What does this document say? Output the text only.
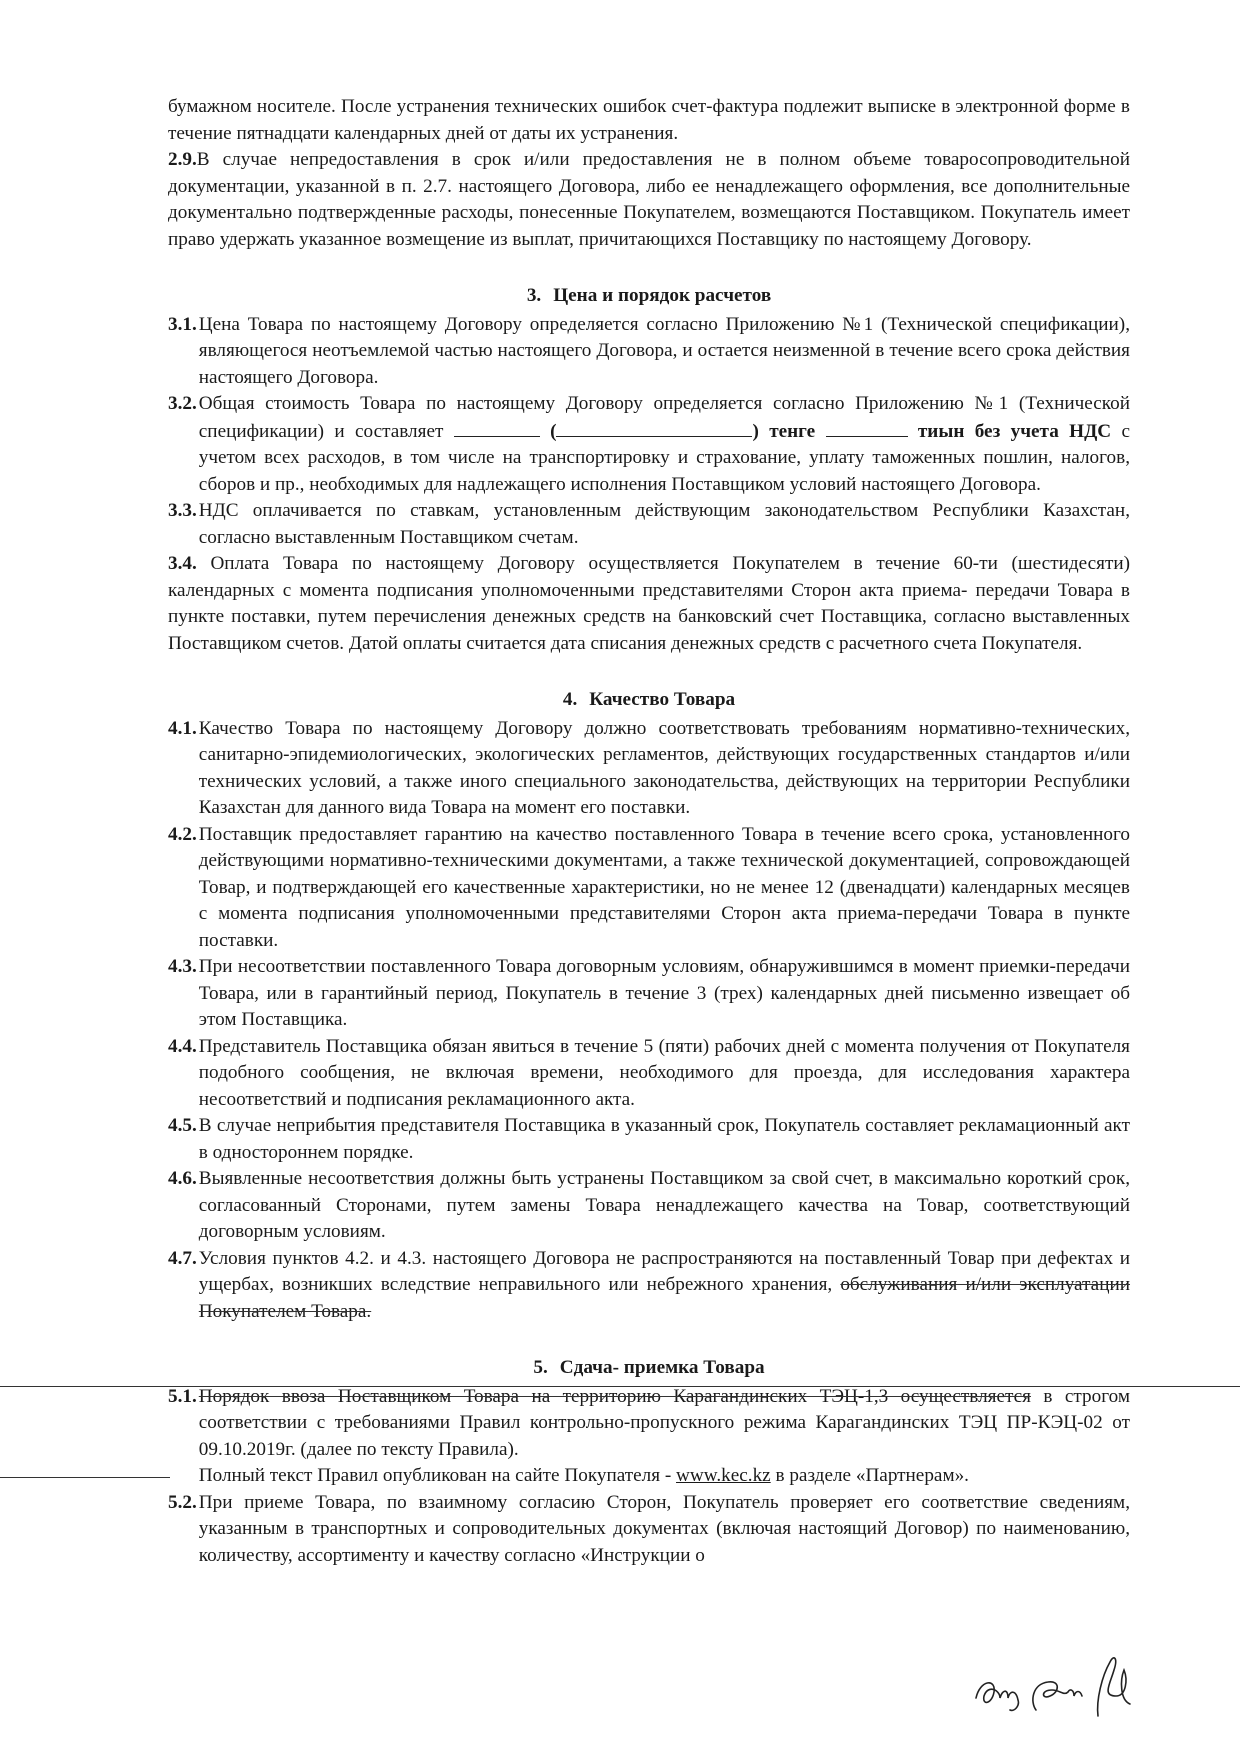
бумажном носителе. После устранения технических ошибок счет-фактура подлежит выписке в электронной форме в течение пятнадцати календарных дней от даты их устранения.

2.9.В случае непредоставления в срок и/или предоставления не в полном объеме товаросопроводительной документации, указанной в п. 2.7. настоящего Договора, либо ее ненадлежащего оформления, все дополнительные документально подтвержденные расходы, понесенные Покупателем, возмещаются Поставщиком. Покупатель имеет право удержать указанное возмещение из выплат, причитающихся Поставщику по настоящему Договору.

3. Цена и порядок расчетов
3.1. Цена Товара по настоящему Договору определяется согласно Приложению №1 (Технической спецификации), являющегося неотъемлемой частью настоящего Договора, и остается неизменной в течение всего срока действия настоящего Договора.
3.2. Общая стоимость Товара по настоящему Договору определяется согласно Приложению №1 (Технической спецификации) и составляет	(	) тенге	тиын без учета НДС с учетом всех расходов, в том числе на транспортировку и страхование, уплату таможенных пошлин, налогов, сборов и пр., необходимых для надлежащего исполнения Поставщиком условий настоящего Договора.
3.3. НДС оплачивается по ставкам, установленным действующим законодательством Республики Казахстан, согласно выставленным Поставщиком счетам.

3.4. Оплата Товара по настоящему Договору осуществляется Покупателем в течение 60-ти (шестидесяти) календарных с момента подписания уполномоченными представителями Сторон акта приема- передачи Товара в пункте поставки, путем перечисления денежных средств на банковский счет Поставщика, согласно выставленных Поставщиком счетов. Датой оплаты считается дата списания денежных средств с расчетного счета Покупателя.

4. Качество Товара
4.1. Качество Товара по настоящему Договору должно соответствовать требованиям нормативно-технических, санитарно-эпидемиологических, экологических регламентов, действующих государственных стандартов и/или технических условий, а также иного специального законодательства, действующих на территории Республики Казахстан для данного вида Товара на момент его поставки.
4.2. Поставщик предоставляет гарантию на качество поставленного Товара в течение всего срока, установленного действующими нормативно-техническими документами, а также технической документацией, сопровождающей Товар, и подтверждающей его качественные характеристики, но не менее 12 (двенадцати) календарных месяцев с момента подписания уполномоченными представителями Сторон акта приема-передачи Товара в пункте поставки.
4.3. При несоответствии поставленного Товара договорным условиям, обнаружившимся в момент приемки-передачи Товара, или в гарантийный период, Покупатель в течение 3 (трех) календарных дней письменно извещает об этом Поставщика.
4.4. Представитель Поставщика обязан явиться в течение 5 (пяти) рабочих дней с момента получения от Покупателя подобного сообщения, не включая времени, необходимого для проезда, для исследования характера несоответствий и подписания рекламационного акта.
4.5. В случае неприбытия представителя Поставщика в указанный срок, Покупатель составляет рекламационный акт в одностороннем порядке.
4.6. Выявленные несоответствия должны быть устранены Поставщиком за свой счет, в максимально короткий срок, согласованный Сторонами, путем замены Товара ненадлежащего качества на Товар, соответствующий договорным условиям.
4.7. Условия пунктов 4.2. и 4.3. настоящего Договора не распространяются на поставленный Товар при дефектах и ущербах, возникших вследствие неправильного или небрежного хранения, обслуживания и/или эксплуатации Покупателем Товара.
5. Сдача- приемка Товара
5.1. Порядок ввоза Поставщиком Товара на территорию Карагандинских ТЭЦ-1,3 осуществляется в строгом соответствии с требованиями Правил контрольно-пропускного режима Карагандинских ТЭЦ ПР-КЭЦ-02 от 09.10.2019г. (далее по тексту Правила).
Полный текст Правил опубликован на сайте Покупателя - www.kec.kz в разделе «Партнерам».
5.2. При приеме Товара, по взаимному согласию Сторон, Покупатель проверяет его соответствие сведениям, указанным в транспортных и сопроводительных документах (включая настоящий Договор) по наименованию, количеству, ассортименту и качеству согласно «Инструкции о
